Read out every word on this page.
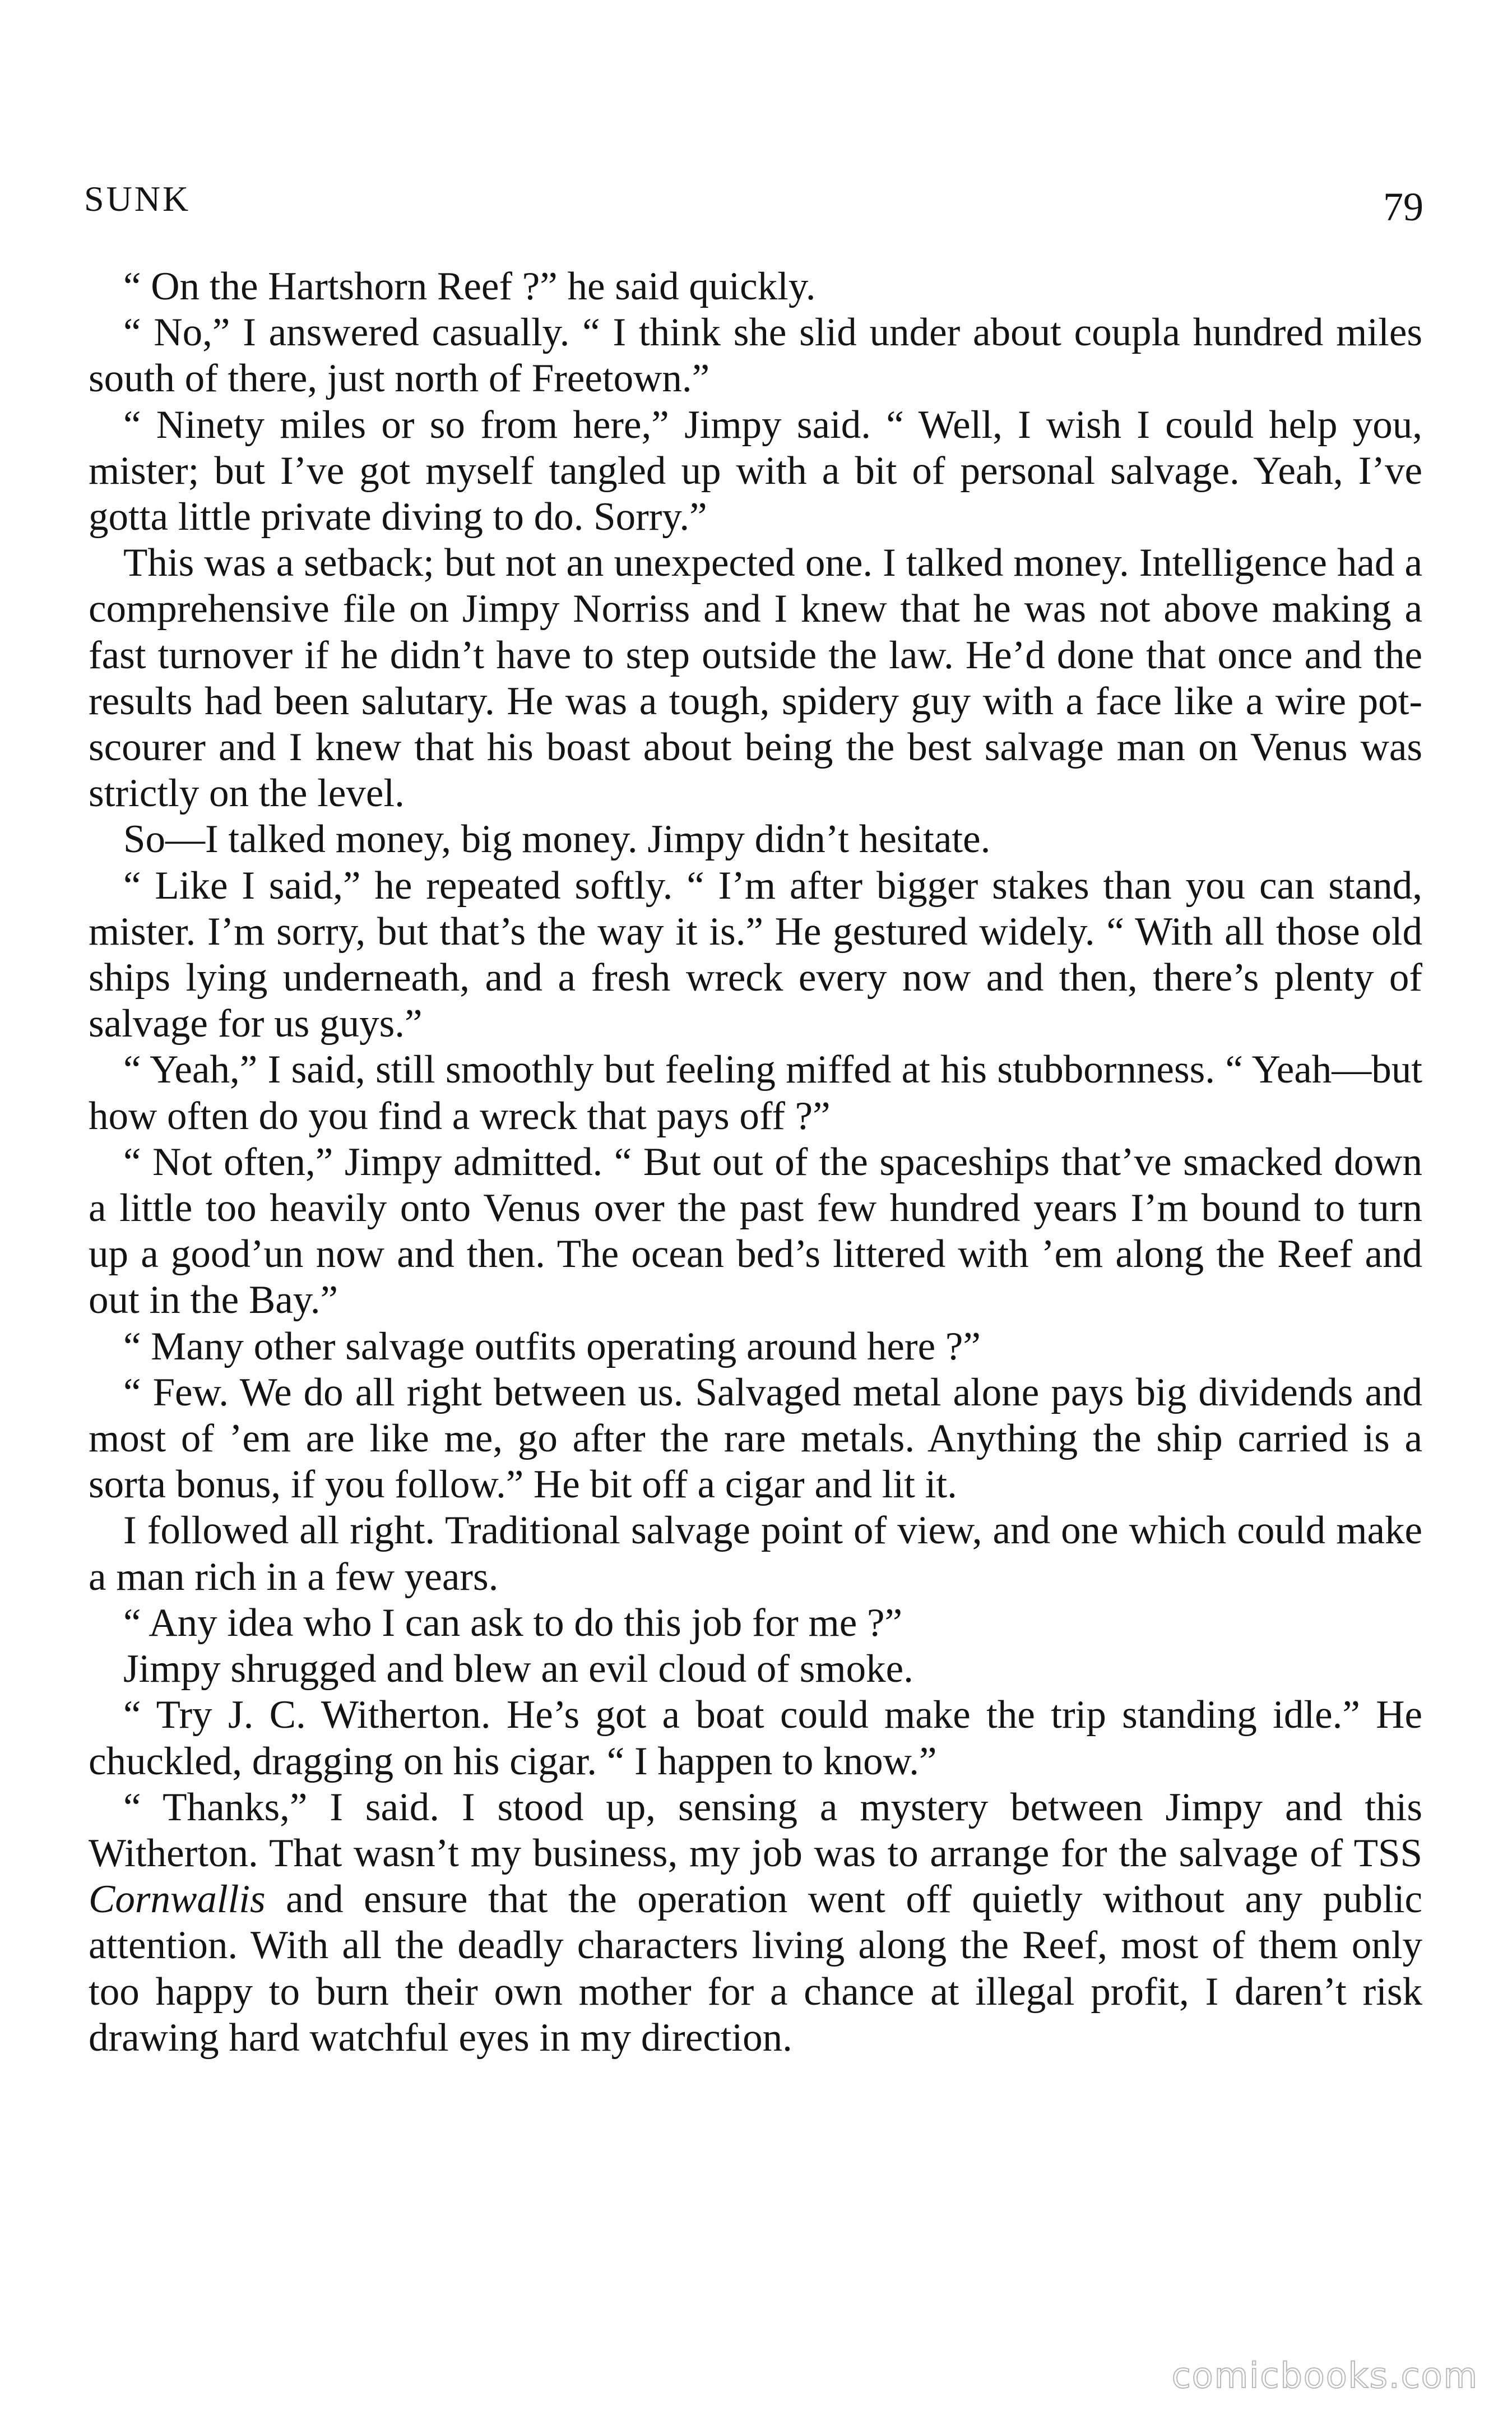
SUNK	79

“ On the Hartshorn Reef ?” he said quickly.

“ No,” I answered casually. “ I think she slid under about coupla hundred miles south of there, just north of Freetown.”

“ Ninety miles or so from here,” Jimpy said. “ Well, I wish I could help you, mister; but I’ve got myself tangled up with a bit of personal salvage. Yeah, I’ve gotta little private diving to do. Sorry.”

This was a setback; but not an unexpected one. I talked money. Intelligence had a comprehensive file on Jimpy Norriss and I knew that he was not above making a fast turnover if he didn’t have to step outside the law. He’d done that once and the results had been salutary. He was a tough, spidery guy with a face like a wire pot-scourer and I knew that his boast about being the best salvage man on Venus was strictly on the level.

So—I talked money, big money. Jimpy didn’t hesitate.

“ Like I said,” he repeated softly. “ I’m after bigger stakes than you can stand, mister. I’m sorry, but that’s the way it is.” He gestured widely. “ With all those old ships lying underneath, and a fresh wreck every now and then, there’s plenty of salvage for us guys.”

“ Yeah,” I said, still smoothly but feeling miffed at his stubbornness. “ Yeah—but how often do you find a wreck that pays off ?”

“ Not often,” Jimpy admitted. “ But out of the spaceships that’ve smacked down a little too heavily onto Venus over the past few hundred years I’m bound to turn up a good’un now and then. The ocean bed’s littered with ’em along the Reef and out in the Bay.”

“ Many other salvage outfits operating around here ?”

“ Few. We do all right between us. Salvaged metal alone pays big dividends and most of ’em are like me, go after the rare metals. Anything the ship carried is a sorta bonus, if you follow.” He bit off a cigar and lit it.

I followed all right. Traditional salvage point of view, and one which could make a man rich in a few years.

“ Any idea who I can ask to do this job for me ?”

Jimpy shrugged and blew an evil cloud of smoke.

“ Try J. C. Witherton. He’s got a boat could make the trip standing idle.” He chuckled, dragging on his cigar. “ I happen to know.”

“ Thanks,” I said. I stood up, sensing a mystery between Jimpy and this Witherton. That wasn’t my business, my job was to arrange for the salvage of TSS Cornwallis and ensure that the operation went off quietly without any public attention. With all the deadly characters living along the Reef, most of them only too happy to burn their own mother for a chance at illegal profit, I daren’t risk drawing hard watchful eyes in my direction.

comicbooks.com
